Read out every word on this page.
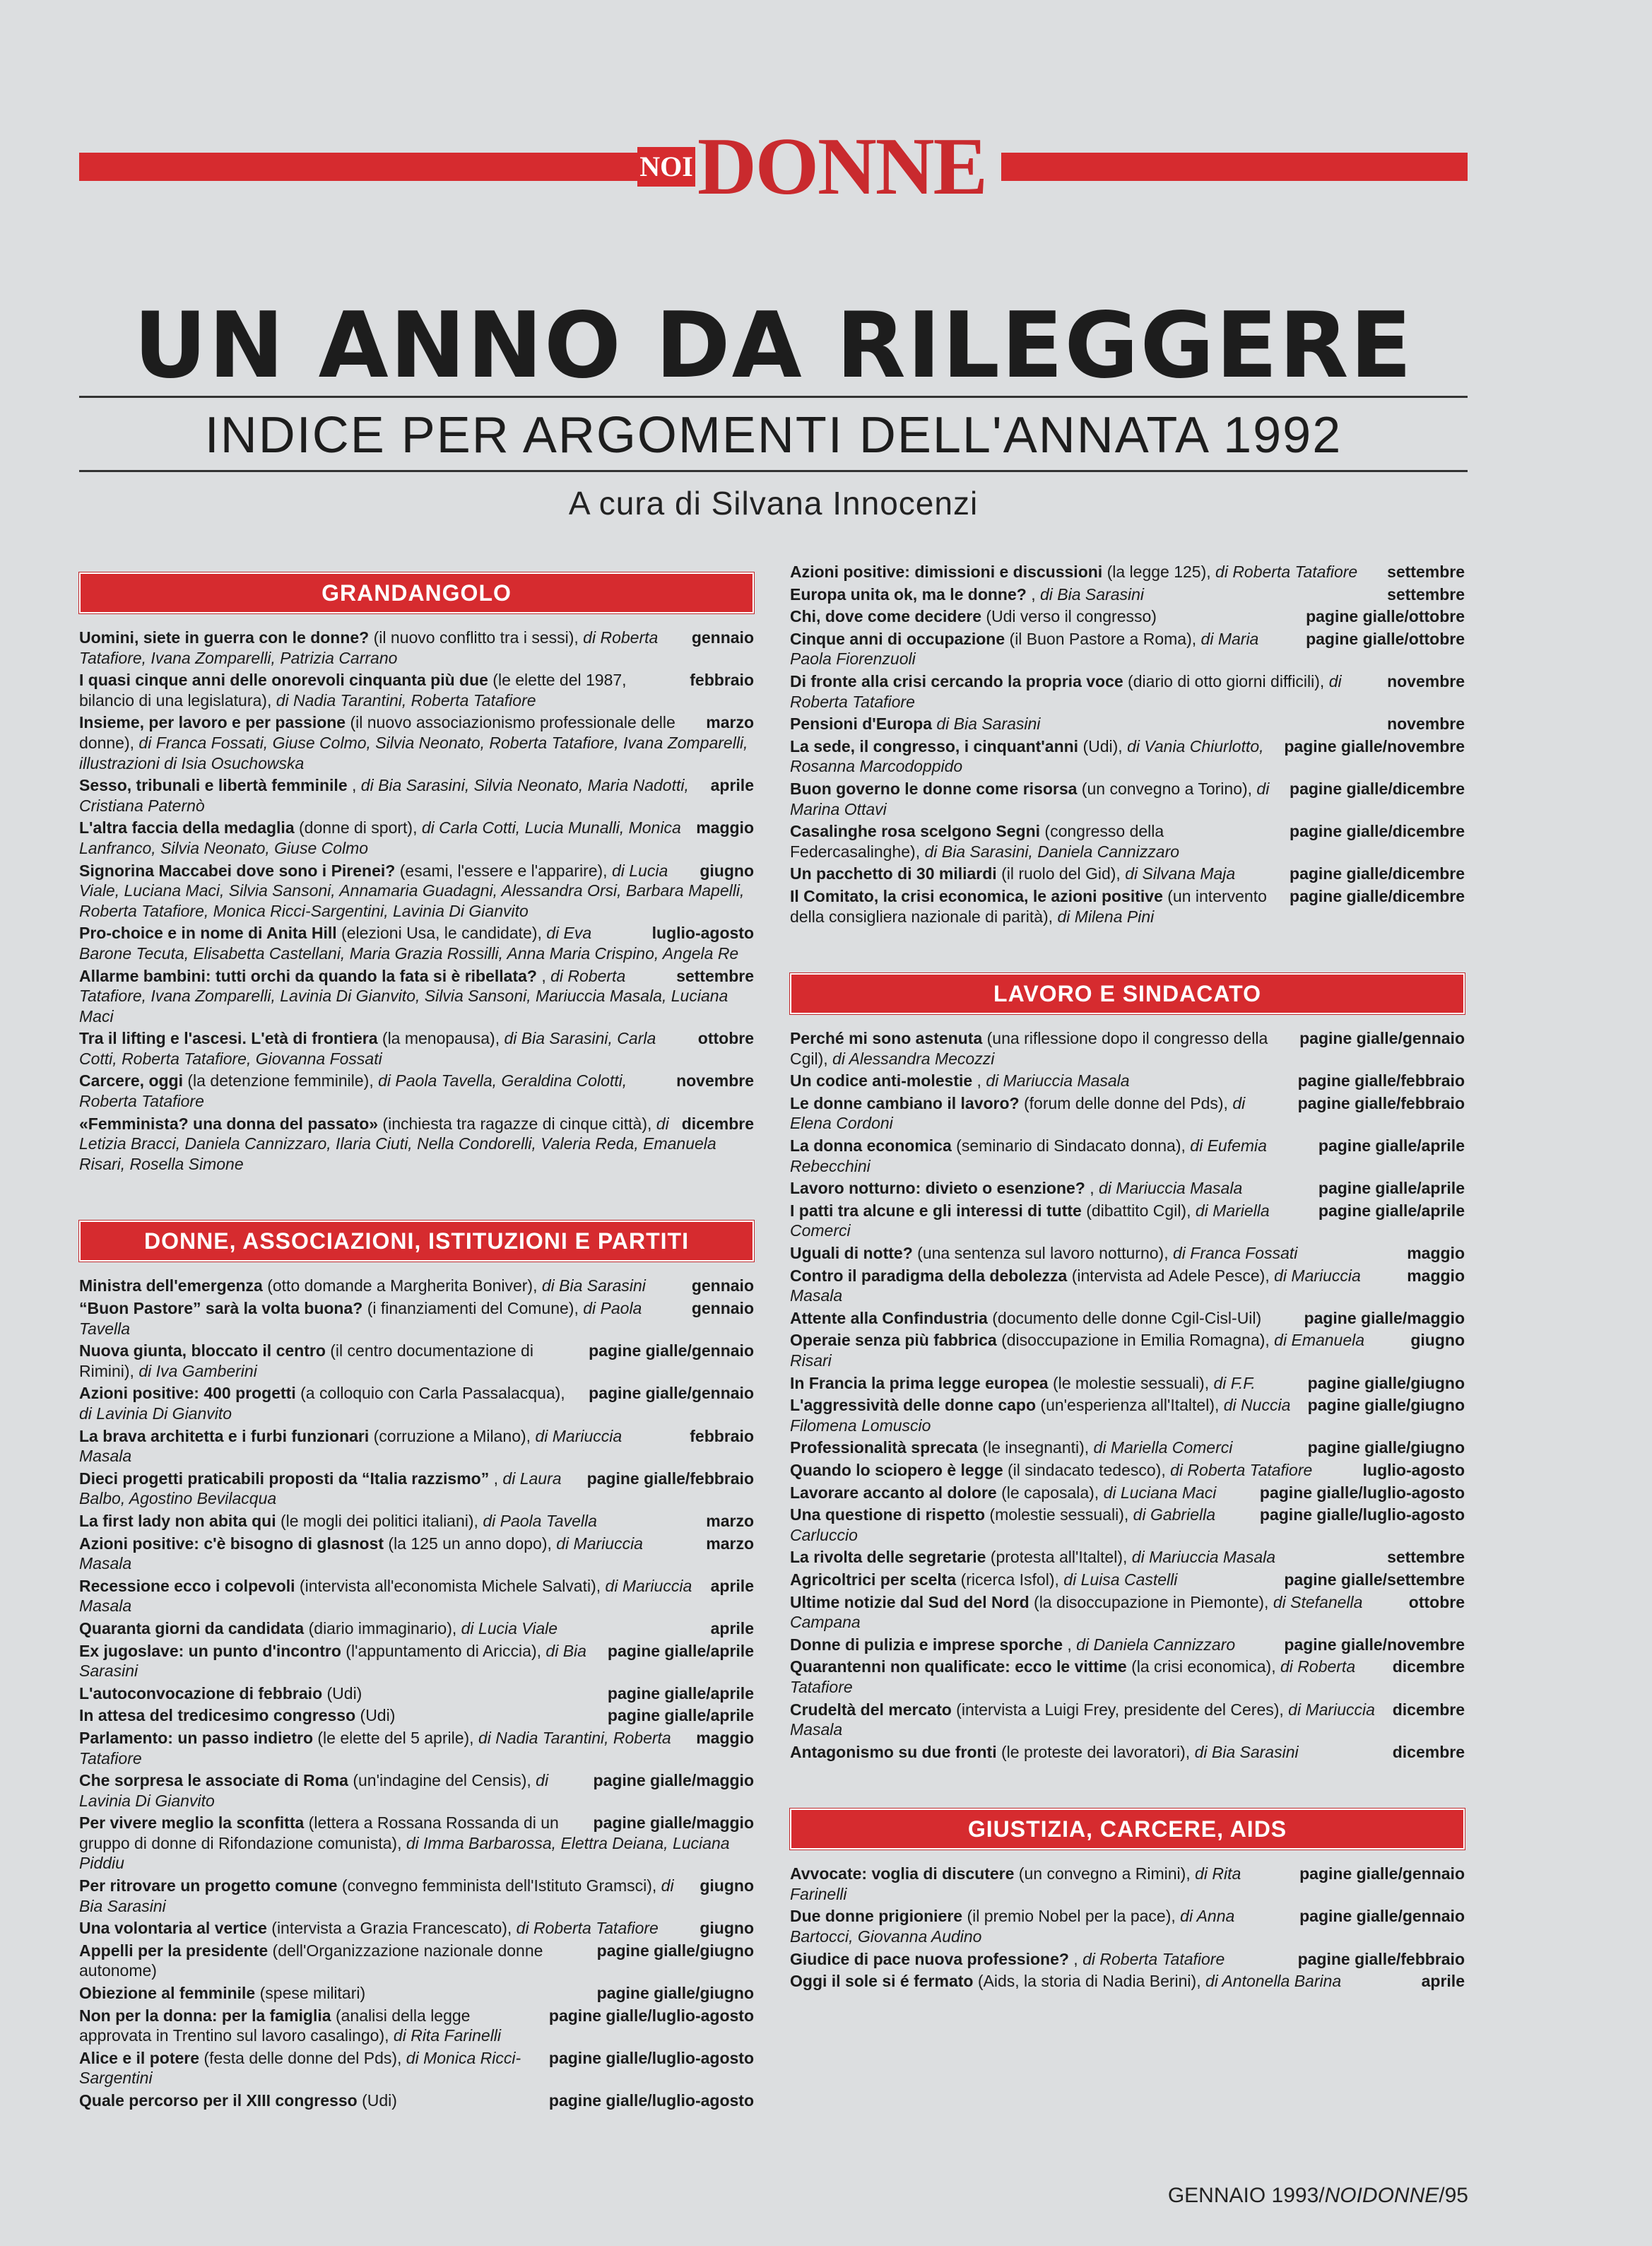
NOI DONNE
UN ANNO DA RILEGGERE
INDICE PER ARGOMENTI DELL'ANNATA 1992
A cura di Silvana Innocenzi
GRANDANGOLO
gennaio
Uomini, siete in guerra con le donne? (il nuovo conflitto tra i sessi), di Roberta Tatafiore, Ivana Zomparelli, Patrizia Carrano
febbraio
I quasi cinque anni delle onorevoli cinquanta più due (le elette del 1987, bilancio di una legislatura), di Nadia Tarantini, Roberta Tatafiore
marzo
Insieme, per lavoro e per passione (il nuovo associazionismo professionale delle donne), di Franca Fossati, Giuse Colmo, Silvia Neonato, Roberta Tatafiore, Ivana Zomparelli, illustrazioni di Isia Osuchowska
aprile
Sesso, tribunali e libertà femminile , di Bia Sarasini, Silvia Neonato, Maria Nadotti, Cristiana Paternò
maggio
L'altra faccia della medaglia (donne di sport), di Carla Cotti, Lucia Munalli, Monica Lanfranco, Silvia Neonato, Giuse Colmo
giugno
Signorina Maccabei dove sono i Pirenei? (esami, l'essere e l'apparire), di Lucia Viale, Luciana Maci, Silvia Sansoni, Annamaria Guadagni, Alessandra Orsi, Barbara Mapelli, Roberta Tatafiore, Monica Ricci-Sargentini, Lavinia Di Gianvito
luglio-agosto
Pro-choice e in nome di Anita Hill (elezioni Usa, le candidate), di Eva Barone Tecuta, Elisabetta Castellani, Maria Grazia Rossilli, Anna Maria Crispino, Angela Re
settembre
Allarme bambini: tutti orchi da quando la fata si è ribellata? , di Roberta Tatafiore, Ivana Zomparelli, Lavinia Di Gianvito, Silvia Sansoni, Mariuccia Masala, Luciana Maci
ottobre
Tra il lifting e l'ascesi. L'età di frontiera (la menopausa), di Bia Sarasini, Carla Cotti, Roberta Tatafiore, Giovanna Fossati
novembre
Carcere, oggi (la detenzione femminile), di Paola Tavella, Geraldina Colotti, Roberta Tatafiore
dicembre
«Femminista? una donna del passato» (inchiesta tra ragazze di cinque città), di Letizia Bracci, Daniela Cannizzaro, Ilaria Ciuti, Nella Condorelli, Valeria Reda, Emanuela Risari, Rosella Simone
DONNE, ASSOCIAZIONI, ISTITUZIONI E PARTITI
gennaio
Ministra dell'emergenza (otto domande a Margherita Boniver), di Bia Sarasini
gennaio
“Buon Pastore” sarà la volta buona? (i finanziamenti del Comune), di Paola Tavella
pagine gialle/gennaio
Nuova giunta, bloccato il centro (il centro documentazione di Rimini), di Iva Gamberini
pagine gialle/gennaio
Azioni positive: 400 progetti (a colloquio con Carla Passalacqua), di Lavinia Di Gianvito
febbraio
La brava architetta e i furbi funzionari (corruzione a Milano), di Mariuccia Masala
pagine gialle/febbraio
Dieci progetti praticabili proposti da “Italia razzismo” , di Laura Balbo, Agostino Bevilacqua
marzo
La first lady non abita qui (le mogli dei politici italiani), di Paola Tavella
marzo
Azioni positive: c'è bisogno di glasnost (la 125 un anno dopo), di Mariuccia Masala
aprile
Recessione ecco i colpevoli (intervista all'economista Michele Salvati), di Mariuccia Masala
aprile
Quaranta giorni da candidata (diario immaginario), di Lucia Viale
pagine gialle/aprile
Ex jugoslave: un punto d'incontro (l'appuntamento di Ariccia), di Bia Sarasini
pagine gialle/aprile
L'autoconvocazione di febbraio (Udi)
pagine gialle/aprile
In attesa del tredicesimo congresso (Udi)
maggio
Parlamento: un passo indietro (le elette del 5 aprile), di Nadia Tarantini, Roberta Tatafiore
pagine gialle/maggio
Che sorpresa le associate di Roma (un'indagine del Censis), di Lavinia Di Gianvito
pagine gialle/maggio
Per vivere meglio la sconfitta (lettera a Rossana Rossanda di un gruppo di donne di Rifondazione comunista), di Imma Barbarossa, Elettra Deiana, Luciana Piddiu
giugno
Per ritrovare un progetto comune (convegno femminista dell'Istituto Gramsci), di Bia Sarasini
giugno
Una volontaria al vertice (intervista a Grazia Francescato), di Roberta Tatafiore
pagine gialle/giugno
Appelli per la presidente (dell'Organizzazione nazionale donne autonome)
pagine gialle/giugno
Obiezione al femminile (spese militari)
pagine gialle/luglio-agosto
Non per la donna: per la famiglia (analisi della legge approvata in Trentino sul lavoro casalingo), di Rita Farinelli
pagine gialle/luglio-agosto
Alice e il potere (festa delle donne del Pds), di Monica Ricci-Sargentini
pagine gialle/luglio-agosto
Quale percorso per il XIII congresso (Udi)
settembre
Azioni positive: dimissioni e discussioni (la legge 125), di Roberta Tatafiore
settembre
Europa unita ok, ma le donne? , di Bia Sarasini
pagine gialle/ottobre
Chi, dove come decidere (Udi verso il congresso)
pagine gialle/ottobre
Cinque anni di occupazione (il Buon Pastore a Roma), di Maria Paola Fiorenzuoli
novembre
Di fronte alla crisi cercando la propria voce (diario di otto giorni difficili), di Roberta Tatafiore
novembre
Pensioni d'Europa di Bia Sarasini
pagine gialle/novembre
La sede, il congresso, i cinquant'anni (Udi), di Vania Chiurlotto, Rosanna Marcodoppido
pagine gialle/dicembre
Buon governo le donne come risorsa (un convegno a Torino), di Marina Ottavi
pagine gialle/dicembre
Casalinghe rosa scelgono Segni (congresso della Federcasalinghe), di Bia Sarasini, Daniela Cannizzaro
pagine gialle/dicembre
Un pacchetto di 30 miliardi (il ruolo del Gid), di Silvana Maja
pagine gialle/dicembre
Il Comitato, la crisi economica, le azioni positive (un intervento della consigliera nazionale di parità), di Milena Pini
LAVORO E SINDACATO
pagine gialle/gennaio
Perché mi sono astenuta (una riflessione dopo il congresso della Cgil), di Alessandra Mecozzi
pagine gialle/febbraio
Un codice anti-molestie , di Mariuccia Masala
pagine gialle/febbraio
Le donne cambiano il lavoro? (forum delle donne del Pds), di Elena Cordoni
pagine gialle/aprile
La donna economica (seminario di Sindacato donna), di Eufemia Rebecchini
pagine gialle/aprile
Lavoro notturno: divieto o esenzione? , di Mariuccia Masala
pagine gialle/aprile
I patti tra alcune e gli interessi di tutte (dibattito Cgil), di Mariella Comerci
maggio
Uguali di notte? (una sentenza sul lavoro notturno), di Franca Fossati
maggio
Contro il paradigma della debolezza (intervista ad Adele Pesce), di Mariuccia Masala
pagine gialle/maggio
Attente alla Confindustria (documento delle donne Cgil-Cisl-Uil)
giugno
Operaie senza più fabbrica (disoccupazione in Emilia Romagna), di Emanuela Risari
pagine gialle/giugno
In Francia la prima legge europea (le molestie sessuali), di F.F.
pagine gialle/giugno
L'aggressività delle donne capo (un'esperienza all'Italtel), di Nuccia Filomena Lomuscio
pagine gialle/giugno
Professionalità sprecata (le insegnanti), di Mariella Comerci
luglio-agosto
Quando lo sciopero è legge (il sindacato tedesco), di Roberta Tatafiore
pagine gialle/luglio-agosto
Lavorare accanto al dolore (le caposala), di Luciana Maci
pagine gialle/luglio-agosto
Una questione di rispetto (molestie sessuali), di Gabriella Carluccio
settembre
La rivolta delle segretarie (protesta all'Italtel), di Mariuccia Masala
pagine gialle/settembre
Agricoltrici per scelta (ricerca Isfol), di Luisa Castelli
ottobre
Ultime notizie dal Sud del Nord (la disoccupazione in Piemonte), di Stefanella Campana
pagine gialle/novembre
Donne di pulizia e imprese sporche , di Daniela Cannizzaro
dicembre
Quarantenni non qualificate: ecco le vittime (la crisi economica), di Roberta Tatafiore
dicembre
Crudeltà del mercato (intervista a Luigi Frey, presidente del Ceres), di Mariuccia Masala
dicembre
Antagonismo su due fronti (le proteste dei lavoratori), di Bia Sarasini
GIUSTIZIA, CARCERE, AIDS
pagine gialle/gennaio
Avvocate: voglia di discutere (un convegno a Rimini), di Rita Farinelli
pagine gialle/gennaio
Due donne prigioniere (il premio Nobel per la pace), di Anna Bartocci, Giovanna Audino
pagine gialle/febbraio
Giudice di pace nuova professione? , di Roberta Tatafiore
aprile
Oggi il sole si é fermato (Aids, la storia di Nadia Berini), di Antonella Barina
GENNAIO 1993/NOIDONNE/95
